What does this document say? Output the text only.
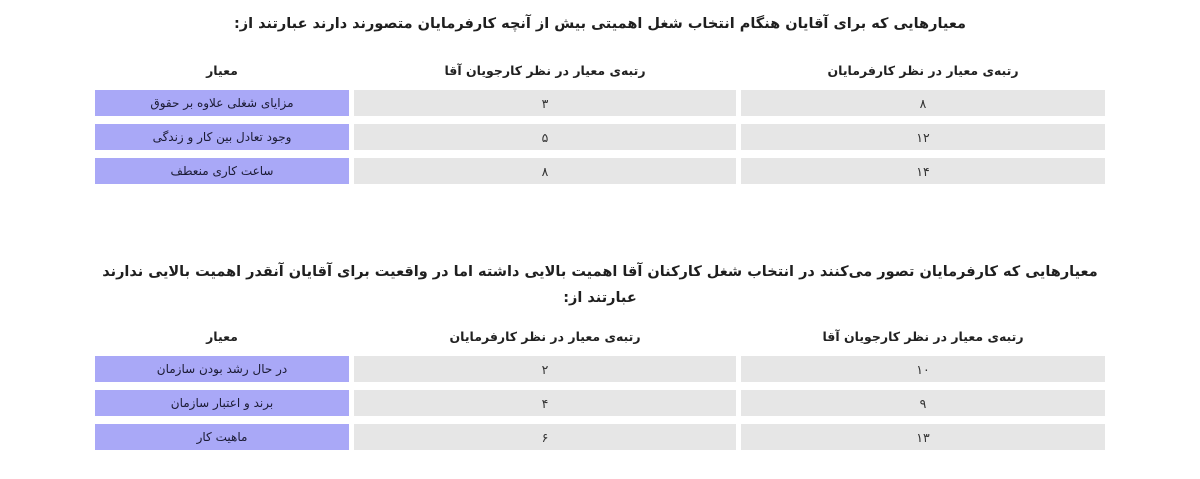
معیارهایی که برای آقایان هنگام انتخاب شغل اهمیتی بیش از آنچه کارفرمایان متصورند دارند عبارتند از:
رتبه‌ی معیار در نظر کارفرمایان
رتبه‌ی معیار در نظر کارجویان آقا
معیار
۸
۳
مزایای شغلی علاوه بر حقوق
۱۲
۵
وجود تعادل بین کار و زندگی
۱۴
۸
ساعت کاری منعطف
معیارهایی که کارفرمایان تصور می‌کنند در انتخاب شغل کارکنان آقا اهمیت بالایی داشته اما در واقعیت برای آقایان آنقدر اهمیت بالایی ندارند عبارتند از:
رتبه‌ی معیار در نظر کارجویان آقا
رتبه‌ی معیار در نظر کارفرمایان
معیار
۱۰
۲
در حال رشد بودن سازمان
۹
۴
برند و اعتبار سازمان
۱۳
۶
ماهیت کار
